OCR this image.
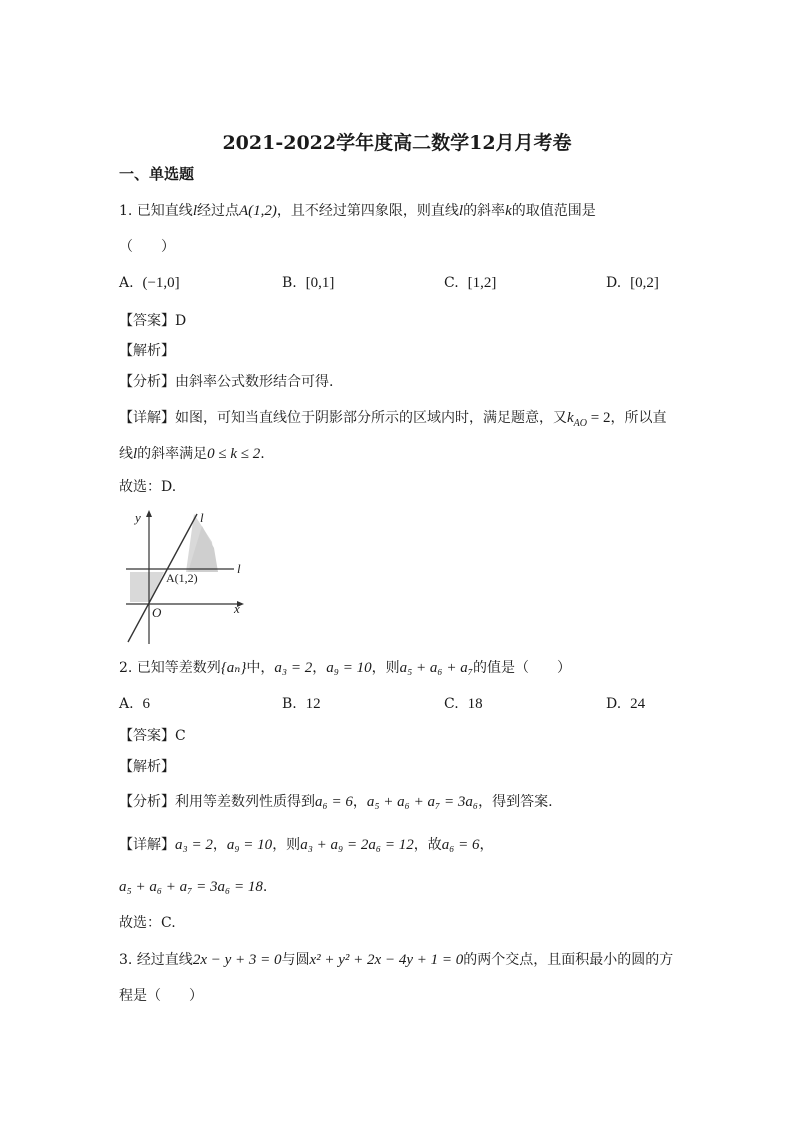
2021-2022学年度高二数学12月月考卷
一、单选题
1. 已知直线l经过点A(1,2)，且不经过第四象限，则直线l的斜率k的取值范围是
（　　）
A. (−1,0]	B. [0,1]	C. [1,2]	D. [0,2]
【答案】D
【解析】
【分析】由斜率公式数形结合可得.
【详解】如图，可知当直线位于阴影部分所示的区域内时，满足题意，又$k_{AO} = 2$，所以直
线l的斜率满足0 ≤ k ≤ 2.
故选：D.
y
x
O
l
l
A(1,2)
2. 已知等差数列{aₙ}中，a₃ = 2，a₉ = 10，则a₅ + a₆ + a₇的值是（　　）
A. 6	B. 12	C. 18	D. 24
【答案】C
【解析】
【分析】利用等差数列性质得到a₆ = 6，a₅ + a₆ + a₇ = 3a₆，得到答案.
【详解】a₃ = 2，a₉ = 10，则a₃ + a₉ = 2a₆ = 12，故a₆ = 6，
a₅ + a₆ + a₇ = 3a₆ = 18.
故选：C.
3. 经过直线2x − y + 3 = 0与圆x² + y² + 2x − 4y + 1 = 0的两个交点，且面积最小的圆的方
程是（　　）
